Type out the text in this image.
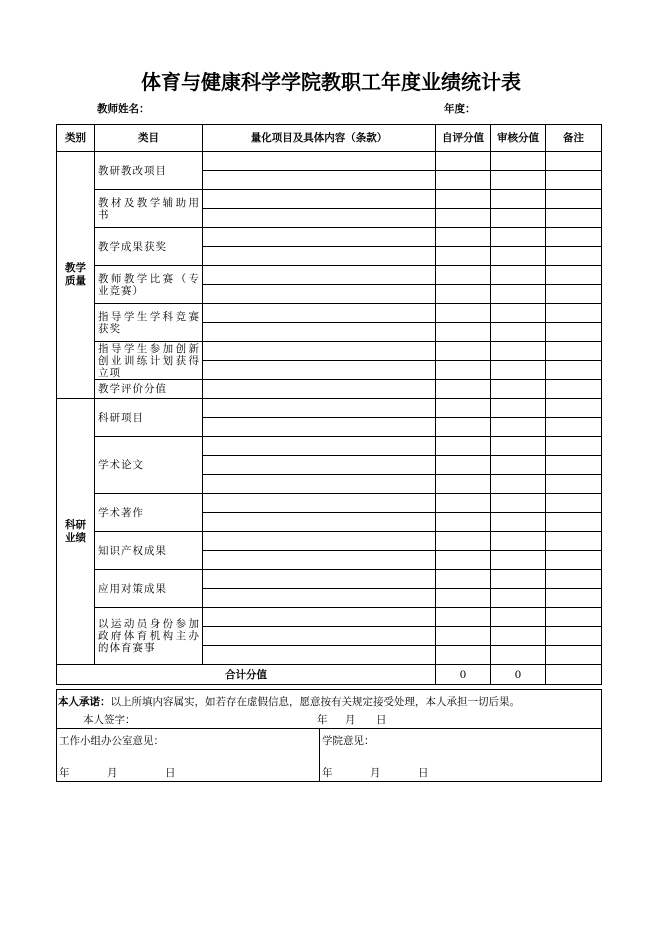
体育与健康科学学院教职工年度业绩统计表
教师姓名：	年度：
类别	类目	量化项目及具体内容（条款）	自评分值	审核分值	备注
教学质量	教研教改项目				

	教材及教学辅助用书				

	教学成果获奖				

	教师教学比赛（专业竞赛）				

	指导学生学科竞赛获奖				

	指导学生参加创新创业训练计划获得立项				

	教学评价分值				
科研业绩	科研项目				

	学术论文				

	学术著作				

	知识产权成果				

	应用对策成果				

	以运动员身份参加政府体育机构主办的体育赛事				

合计分值			0	0	
本人承诺：以上所填内容属实，如若存在虚假信息，愿意按有关规定接受处理，本人承担一切后果。
本人签字：	年 月 日

工作小组办公室意见：
年	月	日

学院意见：
年	月	日
